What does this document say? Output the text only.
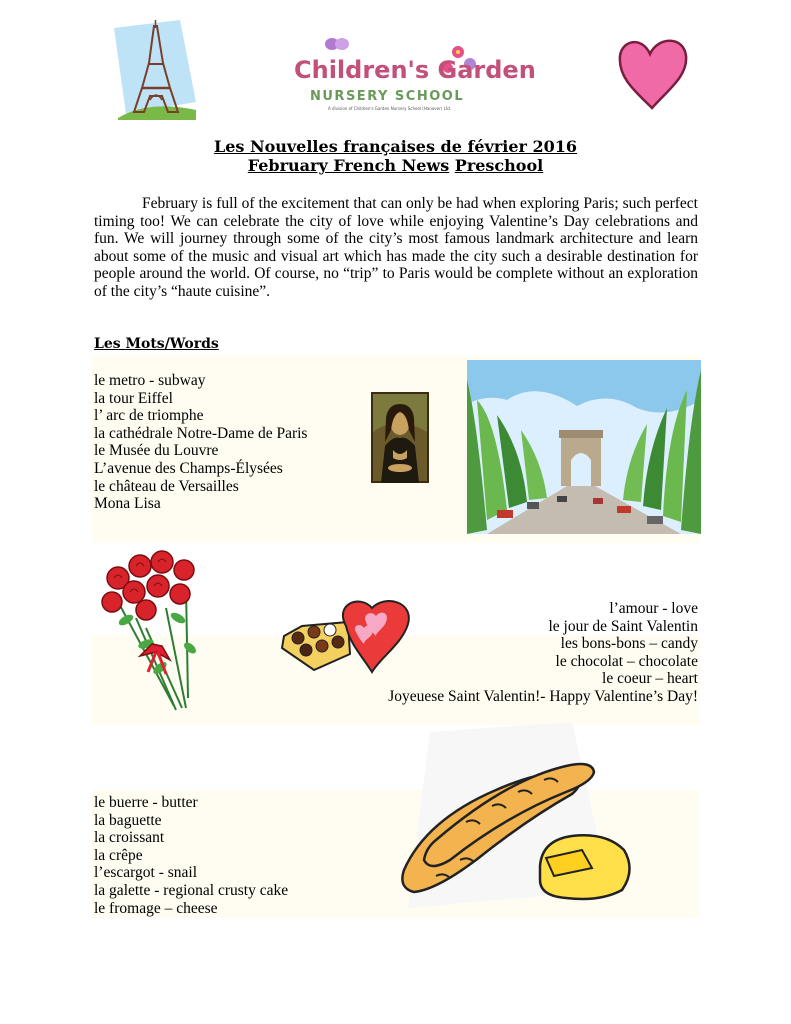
Children's Garden
NURSERY SCHOOL
A division of Children's Garden Nursery School (Hanover) Ltd.
Les Nouvelles françaises de février 2016
February French News Preschool
February is full of the excitement that can only be had when exploring Paris; such perfect timing too! We can celebrate the city of love while enjoying Valentine’s Day celebrations and fun. We will journey through some of the city’s most famous landmark architecture and learn about some of the music and visual art which has made the city such a desirable destination for people around the world. Of course, no “trip” to Paris would be complete without an exploration of the city’s “haute cuisine”.
Les Mots/Words
le metro - subway
la tour Eiffel
l’ arc de triomphe
la cathédrale Notre-Dame de Paris
le Musée du Louvre
L’avenue des Champs-Élysées
le château de Versailles
Mona Lisa
l’amour - love
le jour de Saint Valentin
les bons-bons – candy
le chocolat – chocolate
le coeur – heart
Joyeuese Saint Valentin!- Happy Valentine’s Day!
le buerre - butter
la baguette
la croissant
la crêpe
l’escargot - snail
la galette - regional crusty cake
le fromage – cheese
